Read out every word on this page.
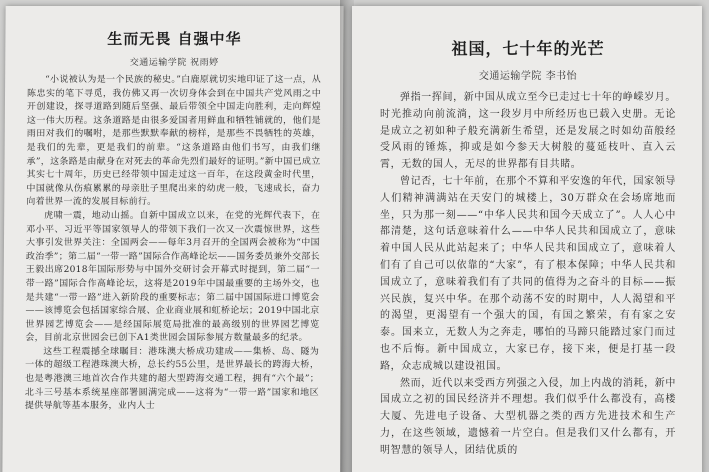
生而无畏 自强中华
交通运输学院 祝雨婷

“小说被认为是一个民族的秘史。”白鹿原就切实地印证了这一点，从陈忠实的笔下寻觅，我仿佛又再一次切身体会到在中国共产党风雨之中开创建设，探寻道路到随后坚强、最后带领全中国走向胜利，走向辉煌这一伟大历程。这条道路是由很多爱国者用鲜血和牺牲铺就的，他们是雨田对我们的嘱咐，是那些默默奉献的榜样，是那些不畏牺牲的英雄，是我们的先辈，更是我们的前辈。“这条道路由他们书写，由我们继承”，这条路是由献身在对死去的革命先烈们最好的证明。”新中国已成立其实七十周年，历史已经带领中国走过这一百年，在这段黄金时代里，中国就像从伤痕累累的母亲肚子里爬出来的幼虎一般，飞速成长，奋力向着世界一流的发展目标前行。

虎啸一震，地动山摇。自新中国成立以来，在党的光辉代表下，在邓小平、习近平等国家领导人的带领下我们一次又一次震惊世界，这些大事引发世界关注：全国两会——每年3月召开的全国两会被称为“中国政治季”；第二届“一带一路”国际合作高峰论坛——国务委员兼外交部长王毅出席2018年国际形势与中国外交研讨会开幕式时提到，第二届“一带一路”国际合作高峰论坛，这将是2019年中国最重要的主场外交，也是共建“一带一路”进入新阶段的重要标志；第二届中国国际进口博览会——该博览会包括国家综合展、企业商业展和虹桥论坛；2019中国北京世界园艺博览会——是经国际展览局批准的最高级别的世界园艺博览会，目前北京世园会已创下A1类世园会国际参展方数量最多的纪录。

这些工程震撼全球瞩目：港珠澳大桥成功建成——集桥、岛、隧为一体的超级工程港珠澳大桥，总长约55公里，是世界最长的跨海大桥，也是粤港澳三地首次合作共建的超大型跨海交通工程，拥有“六个最”；北斗三号基本系统星座部署圆满完成——这将为“一带一路”国家和地区提供导航等基本服务，业内人士

祖国，七十年的光芒
交通运输学院 李书怡

弹指一挥间，新中国从成立至今已走过七十年的峥嵘岁月。时光推动向前流淌，这一段岁月中所经历也已载入史册。无论是成立之初如种子般充满新生希望，还是发展之时如幼苗般经受风雨的锤炼，抑或是如今参天大树般的蔓延枝叶、直入云霄，无数的国人，无尽的世界都有目共睹。

曾记否，七十年前，在那个不算和平安逸的年代，国家领导人们精神满满站在天安门的城楼上，30万群众在会场席地而坐，只为那一刻——“中华人民共和国今天成立了”。人人心中都清楚，这句话意味着什么——中华人民共和国成立了，意味着中国人民从此站起来了；中华人民共和国成立了，意味着人们有了自己可以依靠的“大家”，有了根本保障；中华人民共和国成立了，意味着我们有了共同的值得为之奋斗的目标——振兴民族，复兴中华。在那个动荡不安的时期中，人人渴望和平的渴望，更渴望有一个强大的国，有国之繁荣，有有家之安泰。国来立，无数人为之奔走，哪怕的马蹄只能踏过家门而过也不后悔。新中国成立，大家已存，接下来，便是打基一段路，众志成城以建设祖国。

然而，近代以来受西方列强之入侵，加上内战的消耗，新中国成立之初的国民经济并不理想。我们似乎什么都没有，高楼大厦、先进电子设备、大型机器之类的西方先进技术和生产力，在这些领域，遗憾着一片空白。但是我们又什么都有，开明智慧的领导人，团结优质的
